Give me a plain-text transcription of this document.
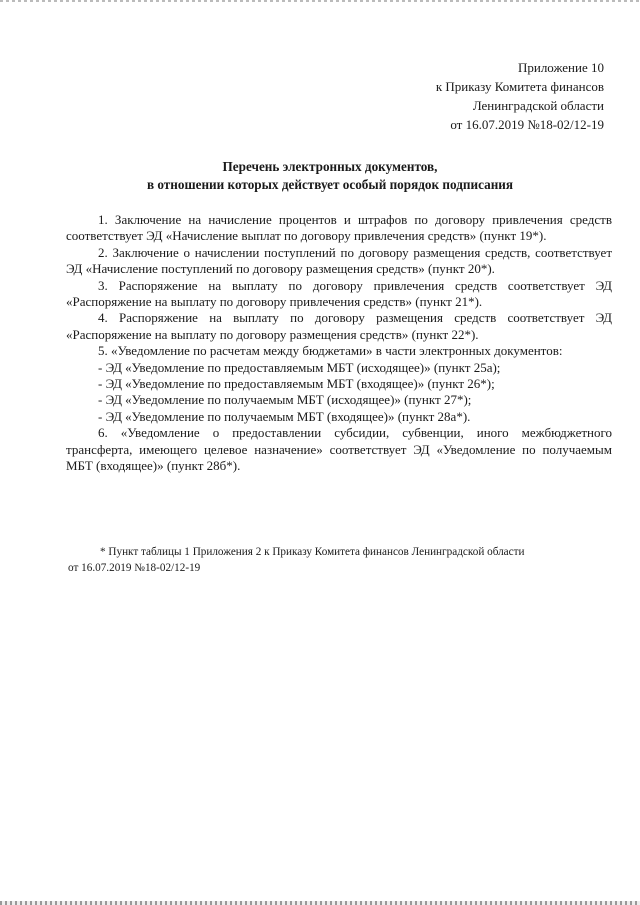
Приложение 10
к Приказу Комитета финансов
Ленинградской области
от 16.07.2019 №18-02/12-19
Перечень электронных документов,
в отношении которых действует особый порядок подписания

1. Заключение на начисление процентов и штрафов по договору привлечения средств соответствует ЭД «Начисление выплат по договору привлечения средств» (пункт 19*).

2. Заключение о начислении поступлений по договору размещения средств, соответствует ЭД «Начисление поступлений по договору размещения средств» (пункт 20*).

3. Распоряжение на выплату по договору привлечения средств соответствует ЭД «Распоряжение на выплату по договору привлечения средств» (пункт 21*).

4. Распоряжение на выплату по договору размещения средств соответствует ЭД «Распоряжение на выплату по договору размещения средств» (пункт 22*).

5. «Уведомление по расчетам между бюджетами» в части электронных документов:

- ЭД «Уведомление по предоставляемым МБТ (исходящее)» (пункт 25а);

- ЭД «Уведомление по предоставляемым МБТ (входящее)» (пункт 26*);

- ЭД «Уведомление по получаемым МБТ (исходящее)» (пункт 27*);

- ЭД «Уведомление по получаемым МБТ (входящее)» (пункт 28а*).

6. «Уведомление о предоставлении субсидии, субвенции, иного межбюджетного трансферта, имеющего целевое назначение» соответствует ЭД «Уведомление по получаемым МБТ (входящее)» (пункт 28б*).

* Пункт таблицы 1 Приложения 2 к Приказу Комитета финансов Ленинградской области
от 16.07.2019 №18-02/12-19
